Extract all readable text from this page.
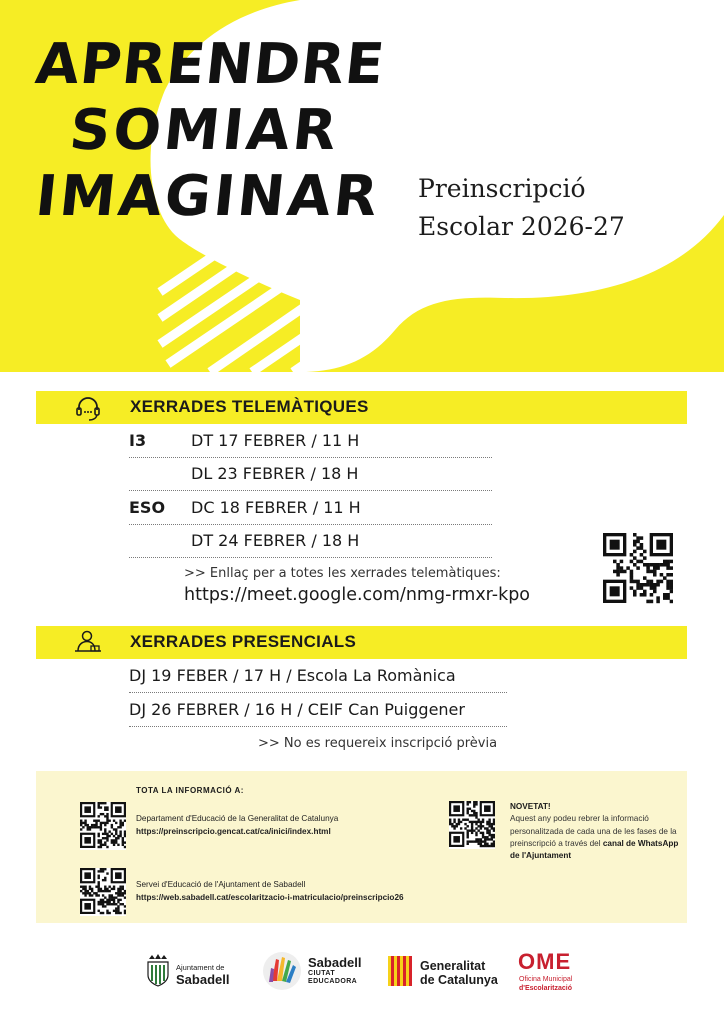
APRENDRE
SOMIAR
IMAGINAR Preinscripció
Escolar 2026-27
XERRADES TELEMÀTIQUES
I3	DT 17 FEBRER / 11 H
DL 23 FEBRER / 18 H
ESO DC 18 FEBRER / 11 H
DT 24 FEBRER / 18 H
>> Enllaç per a totes les xerrades telemàtiques:
https://meet.google.com/nmg-rmxr-kpo
XERRADES PRESENCIALS
DJ 19 FEBER / 17 H / Escola La Romànica
DJ 26 FEBRER / 16 H / CEIF Can Puiggener
>> No es requereix inscripció prèvia
TOTA LA INFORMACIÓ A:
Departament d'Educació de la Generalitat de Catalunya
https://preinscripcio.gencat.cat/ca/inici/index.html
Servei d'Educació de l'Ajuntament de Sabadell
https://web.sabadell.cat/escolaritzacio-i-matriculacio/preinscripcio26
NOVETAT!
Aquest any podeu rebrer la informació personalitzada de cada una de les fases de la preinscripció a través del canal de WhatsApp de l'Ajuntament
Ajuntament de
Sabadell
Sabadell
CIUTAT
EDUCADORA
Generalitat
de Catalunya
OME
Oficina Municipal
d'Escolarització
